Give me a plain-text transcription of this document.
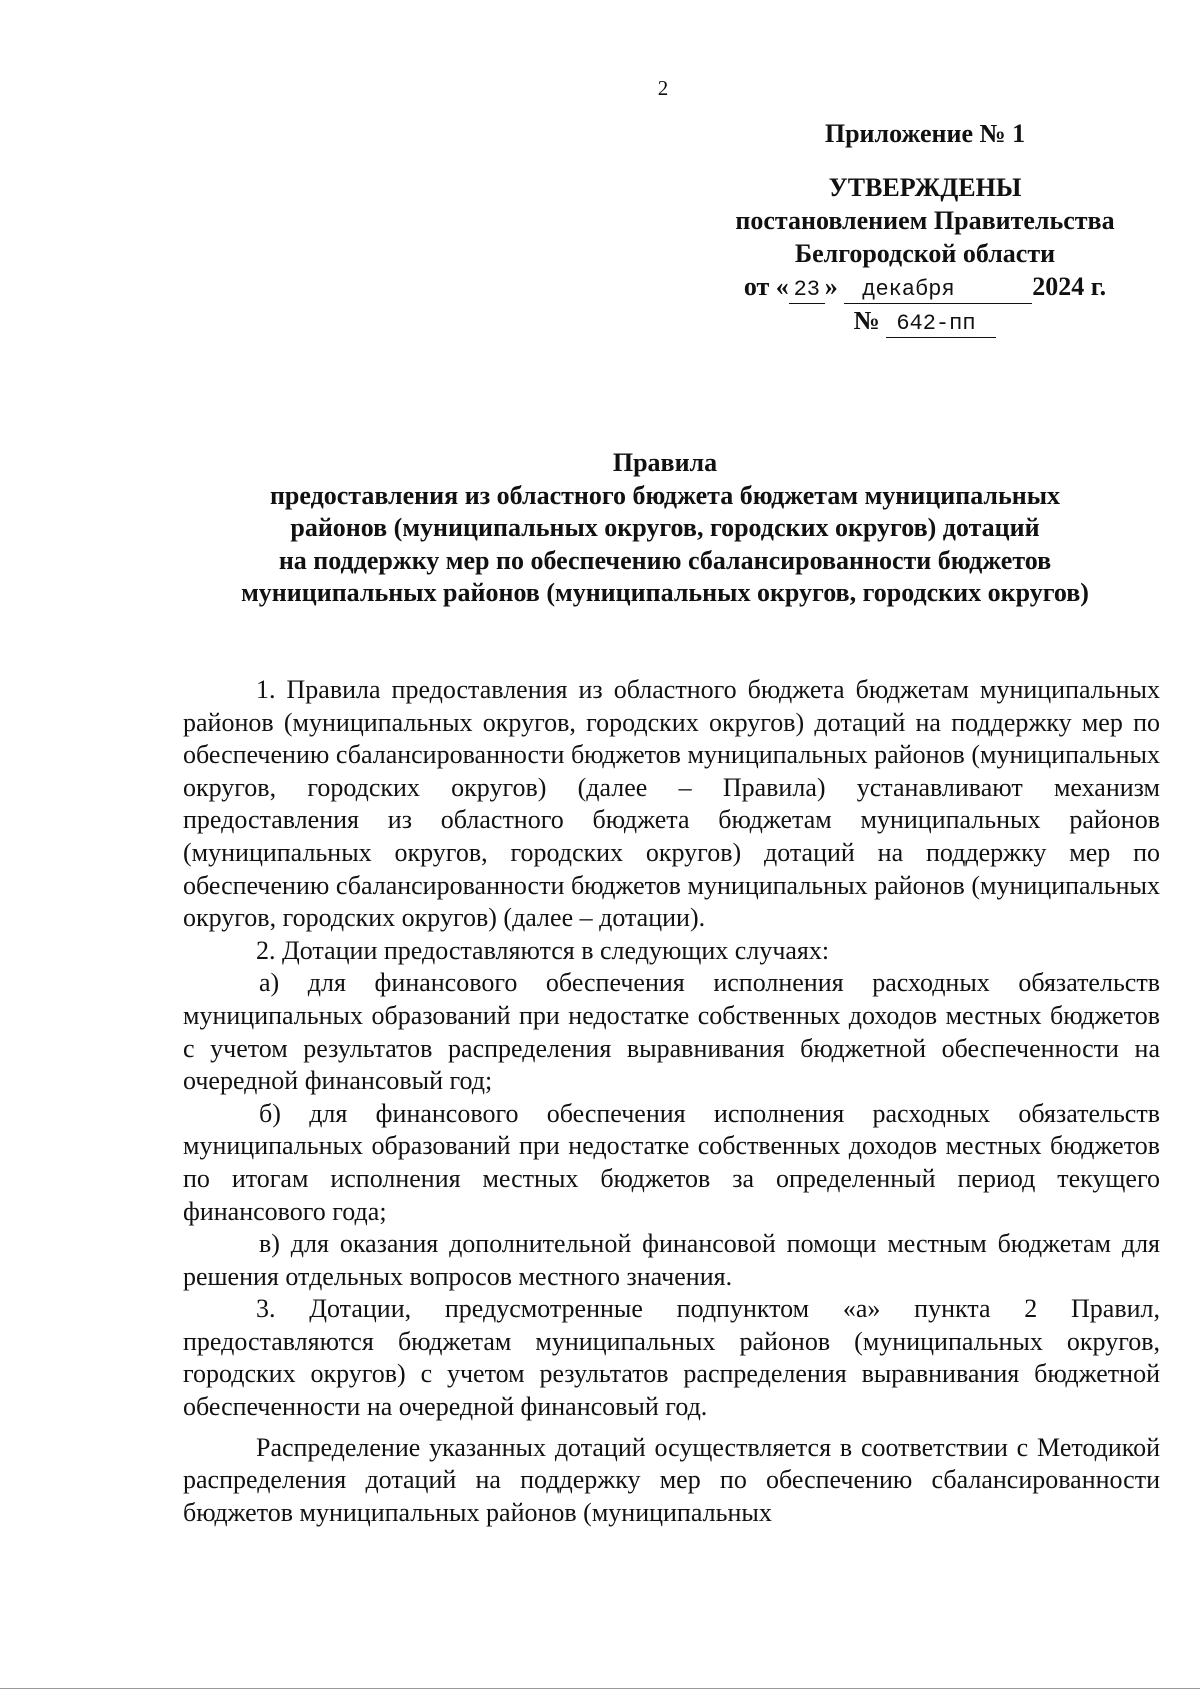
2
Приложение № 1
УТВЕРЖДЕНЫ
постановлением Правительства
Белгородской области
от « 23 » декабря	2024 г.
№ 642-пп
Правила
предоставления из областного бюджета бюджетам муниципальных
районов (муниципальных округов, городских округов) дотаций
на поддержку мер по обеспечению сбалансированности бюджетов
муниципальных районов (муниципальных округов, городских округов)

1. Правила предоставления из областного бюджета бюджетам муниципальных районов (муниципальных округов, городских округов) дотаций на поддержку мер по обеспечению сбалансированности бюджетов муниципальных районов (муниципальных округов, городских округов) (далее – Правила) устанавливают механизм предоставления из областного бюджета бюджетам муниципальных районов (муниципальных округов, городских округов) дотаций на поддержку мер по обеспечению сбалансированности бюджетов муниципальных районов (муниципальных округов, городских округов) (далее – дотации).

2. Дотации предоставляются в следующих случаях:

а) для финансового обеспечения исполнения расходных обязательств муниципальных образований при недостатке собственных доходов местных бюджетов с учетом результатов распределения выравнивания бюджетной обеспеченности на очередной финансовый год;

б) для финансового обеспечения исполнения расходных обязательств муниципальных образований при недостатке собственных доходов местных бюджетов по итогам исполнения местных бюджетов за определенный период текущего финансового года;

в) для оказания дополнительной финансовой помощи местным бюджетам для решения отдельных вопросов местного значения.

3. Дотации, предусмотренные подпунктом «а» пункта 2 Правил, предоставляются бюджетам муниципальных районов (муниципальных округов, городских округов) с учетом результатов распределения выравнивания бюджетной обеспеченности на очередной финансовый год.

Распределение указанных дотаций осуществляется в соответствии с Методикой распределения дотаций на поддержку мер по обеспечению сбалансированности бюджетов муниципальных районов (муниципальных
